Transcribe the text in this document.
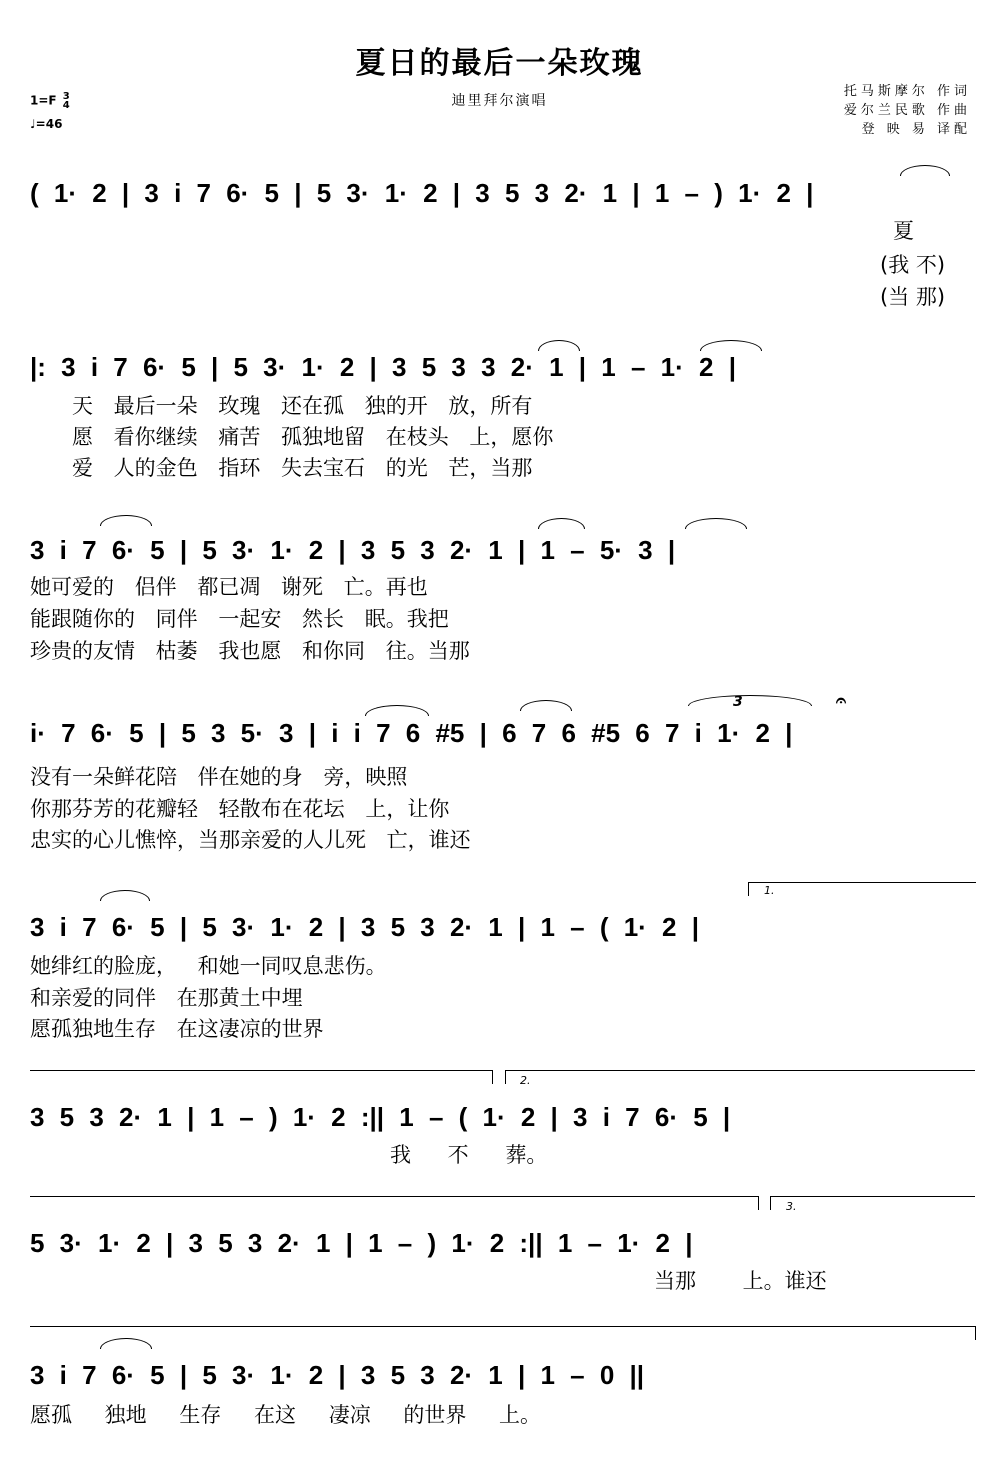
夏日的最后一朵玫瑰
迪里拜尔演唱
1=F 3
4
♩=46
托马斯摩尔 作词
爱尔兰民歌 作曲
登 映 易 译配
( 1· 2 | 3 i 7 6· 5 | 5 3· 1· 2 | 3 5 3 2· 1 | 1 – ) 1· 2 |
夏
(我 不)
(当 那)
|: 3 i 7 6· 5 | 5 3· 1· 2 | 3 5 3 3 2· 1 | 1 – 1· 2 |
天 最后一朵 玫瑰 还在孤 独的开 放，所有
愿 看你继续 痛苦 孤独地留 在枝头 上，愿你
爱 人的金色 指环 失去宝石 的光 芒，当那
3 i 7 6· 5 | 5 3· 1· 2 | 3 5 3 2· 1 | 1 – 5· 3 |
她可爱的 侣伴 都已凋 谢死 亡。再也
能跟随你的 同伴 一起安 然长 眠。我把
珍贵的友情 枯萎 我也愿 和你同 往。当那
i· 7 6· 5 | 5 3 5· 3 | i i 7 6 #5 | 6 7 6 #5 6 7 i 1· 2 |
3	𝄐
没有一朵鲜花陪 伴在她的身 旁，映照
你那芬芳的花瓣轻 轻散布在花坛 上，让你
忠实的心儿憔悴，当那亲爱的人儿死 亡，谁还
1.
3 i 7 6· 5 | 5 3· 1· 2 | 3 5 3 2· 1 | 1 – ( 1· 2 |
她绯红的脸庞， 和她一同叹息悲伤。
和亲爱的同伴 在那黄土中埋
愿孤独地生存 在这凄凉的世界
2.
3 5 3 2· 1 | 1 – ) 1· 2 :|| 1 – ( 1· 2 | 3 i 7 6· 5 |
我 不 葬。
3.
5 3· 1· 2 | 3 5 3 2· 1 | 1 – ) 1· 2 :|| 1 – 1· 2 |
当那 上。谁还
3 i 7 6· 5 | 5 3· 1· 2 | 3 5 3 2· 1 | 1 – 0 ||
愿孤 独地 生存 在这 凄凉 的世界 上。
